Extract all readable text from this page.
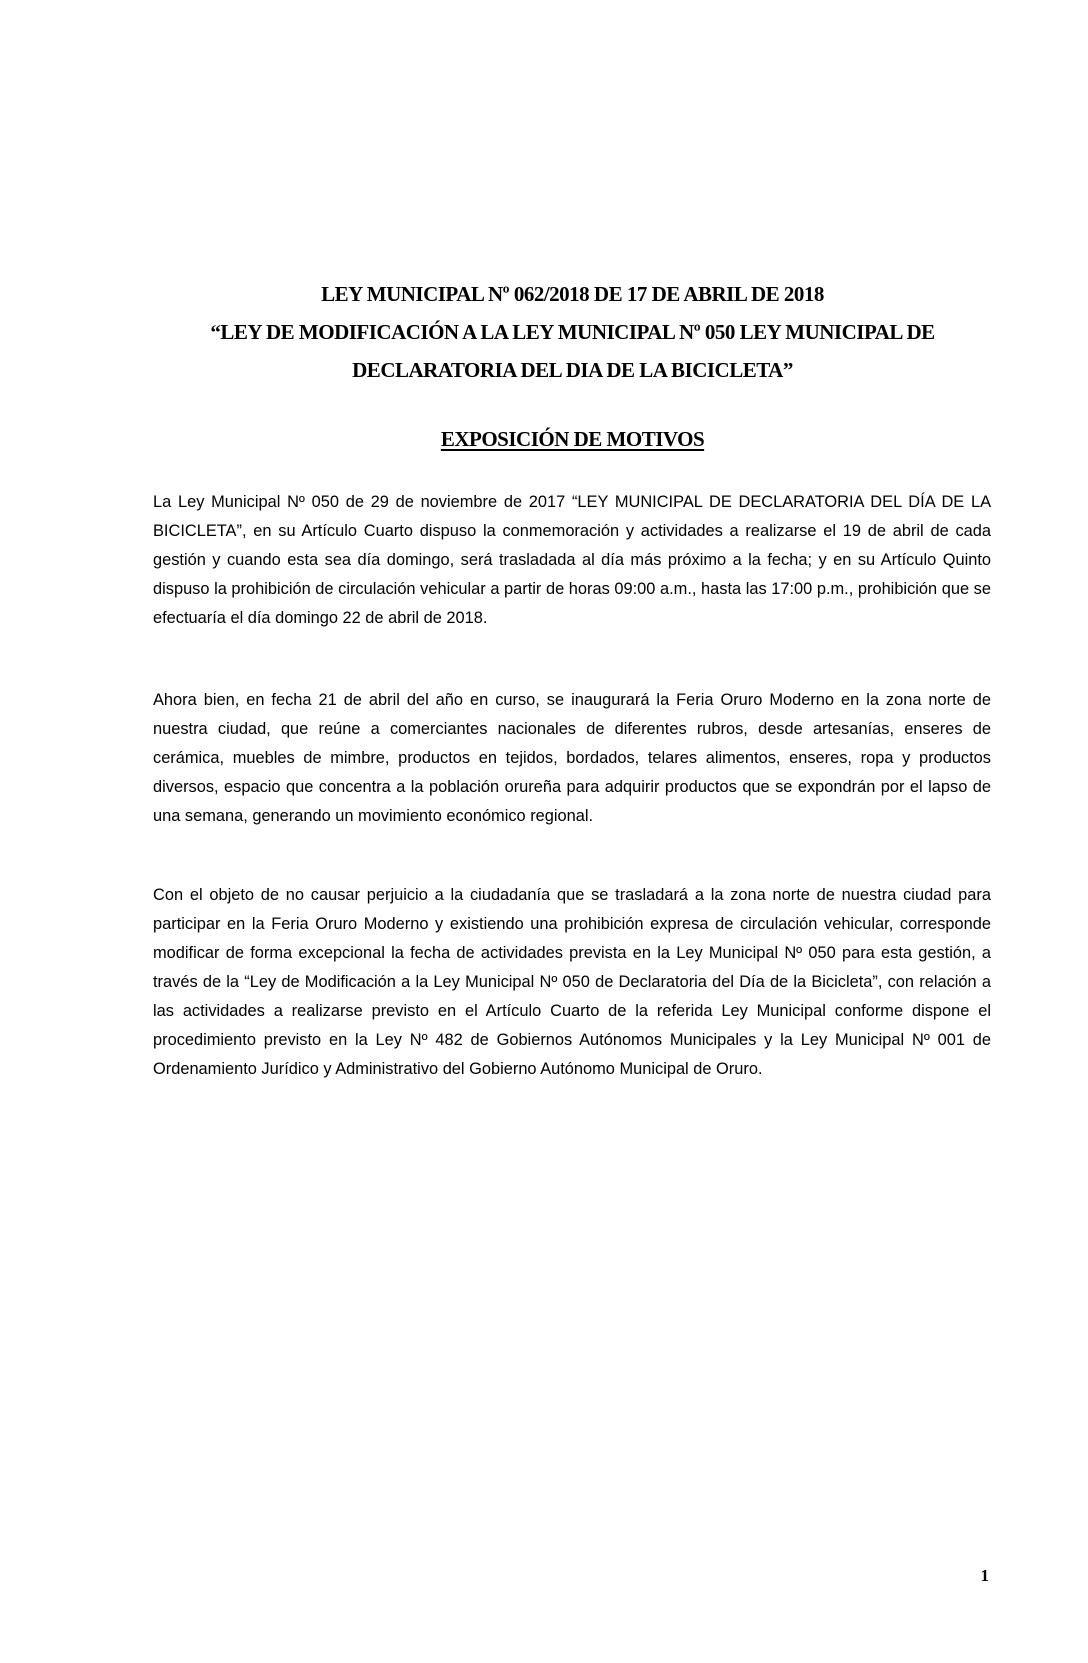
LEY MUNICIPAL Nº 062/2018 DE 17 DE ABRIL DE 2018
“LEY DE MODIFICACIÓN A LA LEY MUNICIPAL Nº 050 LEY MUNICIPAL DE
DECLARATORIA DEL DIA DE LA BICICLETA”
EXPOSICIÓN DE MOTIVOS

La Ley Municipal Nº 050 de 29 de noviembre de 2017 “LEY MUNICIPAL DE DECLARATORIA DEL DÍA DE LA BICICLETA”, en su Artículo Cuarto dispuso la conmemoración y actividades a realizarse el 19 de abril de cada gestión y cuando esta sea día domingo, será trasladada al día más próximo a la fecha; y en su Artículo Quinto dispuso la prohibición de circulación vehicular a partir de horas 09:00 a.m., hasta las 17:00 p.m., prohibición que se efectuaría el día domingo 22 de abril de 2018.

Ahora bien, en fecha 21 de abril del año en curso, se inaugurará la Feria Oruro Moderno en la zona norte de nuestra ciudad, que reúne a comerciantes nacionales de diferentes rubros, desde artesanías, enseres de cerámica, muebles de mimbre, productos en tejidos, bordados, telares alimentos, enseres, ropa y productos diversos, espacio que concentra a la población orureña para adquirir productos que se expondrán por el lapso de una semana, generando un movimiento económico regional.

Con el objeto de no causar perjuicio a la ciudadanía que se trasladará a la zona norte de nuestra ciudad para participar en la Feria Oruro Moderno y existiendo una prohibición expresa de circulación vehicular, corresponde modificar de forma excepcional la fecha de actividades prevista en la Ley Municipal Nº 050 para esta gestión, a través de la “Ley de Modificación a la Ley Municipal Nº 050 de Declaratoria del Día de la Bicicleta”, con relación a las actividades a realizarse previsto en el Artículo Cuarto de la referida Ley Municipal conforme dispone el procedimiento previsto en la Ley Nº 482 de Gobiernos Autónomos Municipales y la Ley Municipal Nº 001 de Ordenamiento Jurídico y Administrativo del Gobierno Autónomo Municipal de Oruro.

1
